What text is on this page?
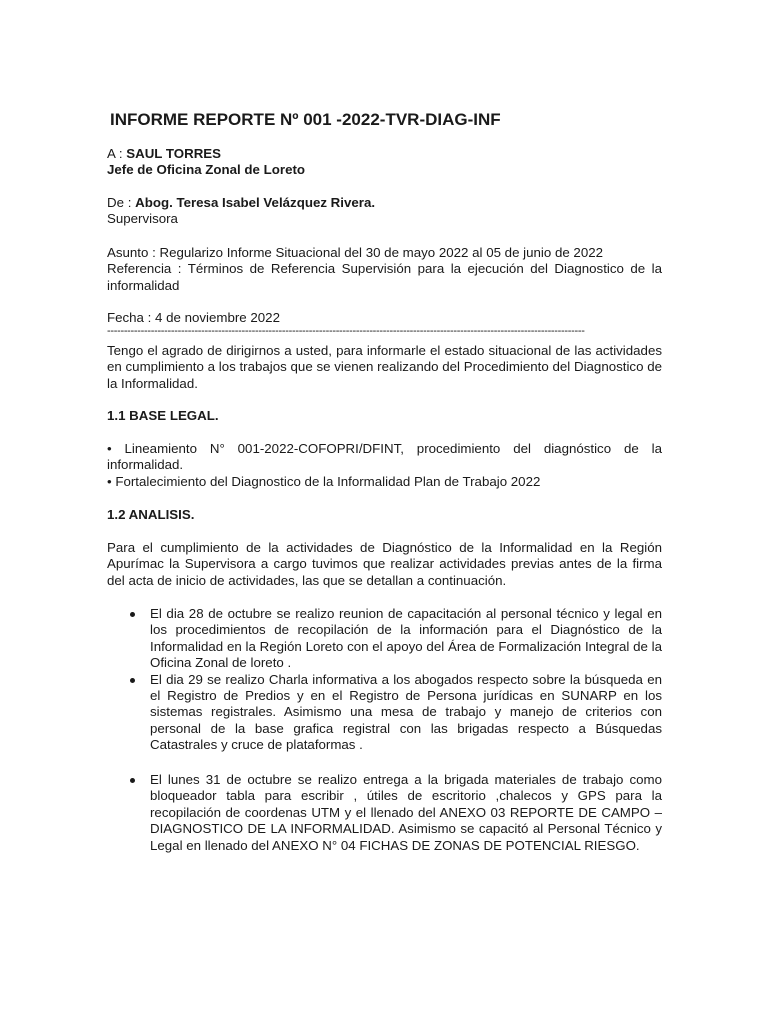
INFORME REPORTE Nº 001 -2022-TVR-DIAG-INF

A : SAUL TORRES

Jefe de Oficina Zonal de Loreto

De : Abog. Teresa Isabel Velázquez Rivera.

Supervisora

Asunto : Regularizo Informe Situacional del 30 de mayo 2022 al 05 de junio de 2022

Referencia : Términos de Referencia Supervisión para la ejecución del Diagnostico de la informalidad

Fecha : 4 de noviembre 2022

----------------------------------------------------------------------------------------------------------------------------------------------
Tengo el agrado de dirigirnos a usted, para informarle el estado situacional de las actividades en cumplimiento a los trabajos que se vienen realizando del Procedimiento del Diagnostico de la Informalidad.
1.1 BASE LEGAL.

• Lineamiento N° 001-2022-COFOPRI/DFINT, procedimiento del diagnóstico de la informalidad.

• Fortalecimiento del Diagnostico de la Informalidad Plan de Trabajo 2022

1.2 ANALISIS.
Para el cumplimiento de la actividades de Diagnóstico de la Informalidad en la Región Apurímac la Supervisora a cargo tuvimos que realizar actividades previas antes de la firma del acta de inicio de actividades, las que se detallan a continuación.
El dia 28 de octubre se realizo reunion de capacitación al personal técnico y legal en los procedimientos de recopilación de la información para el Diagnóstico de la Informalidad en la Región Loreto con el apoyo del Área de Formalización Integral de la Oficina Zonal de loreto .
El dia 29 se realizo Charla informativa a los abogados respecto sobre la búsqueda en el Registro de Predios y en el Registro de Persona jurídicas en SUNARP en los sistemas registrales. Asimismo una mesa de trabajo y manejo de criterios con personal de la base grafica registral con las brigadas respecto a Búsquedas Catastrales y cruce de plataformas .
El lunes 31 de octubre se realizo entrega a la brigada materiales de trabajo como bloqueador tabla para escribir , útiles de escritorio ,chalecos y GPS para la recopilación de coordenas UTM y el llenado del ANEXO 03 REPORTE DE CAMPO – DIAGNOSTICO DE LA INFORMALIDAD. Asimismo se capacitó al Personal Técnico y Legal en llenado del ANEXO N° 04 FICHAS DE ZONAS DE POTENCIAL RIESGO.
